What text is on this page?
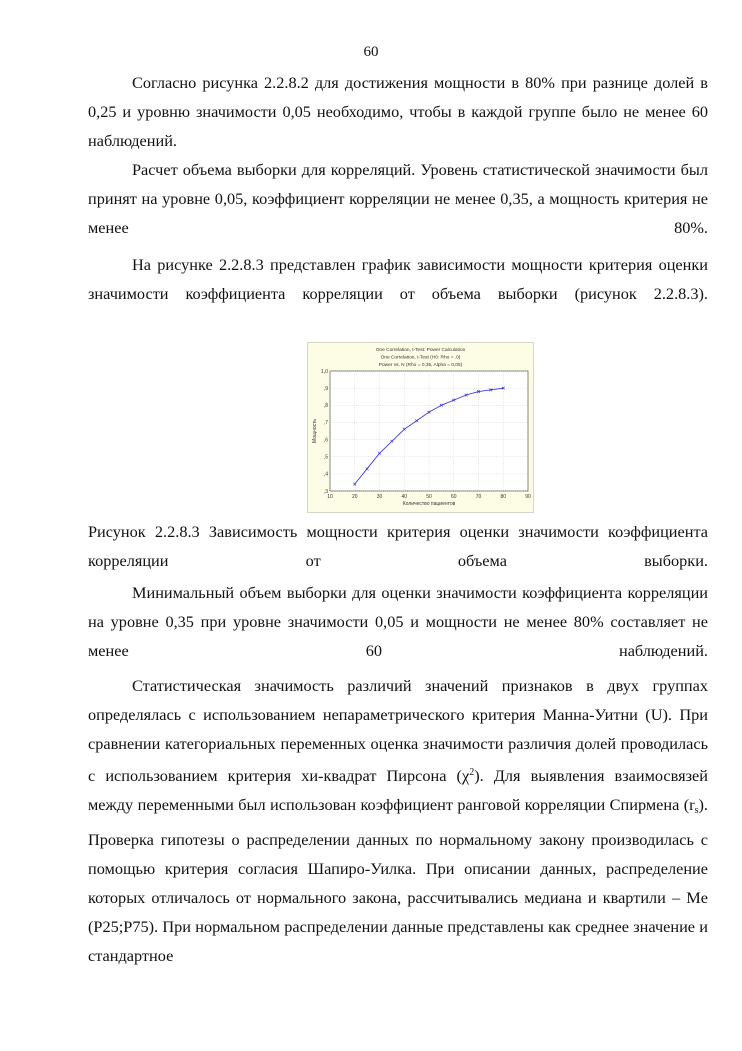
60

Согласно рисунка 2.2.8.2 для достижения мощности в 80% при разнице долей в 0,25 и уровню значимости 0,05 необходимо, чтобы в каждой группе было не менее 60 наблюдений.

Расчет объема выборки для корреляций. Уровень статистической значимости был принят на уровне 0,05, коэффициент корреляции не менее 0,35, а мощность критерия не менее 80%.

На рисунке 2.2.8.3 представлен график зависимости мощности критерия оценки значимости коэффициента корреляции от объема выборки (рисунок 2.2.8.3).

One Correlation, t-Test: Power Calculation
One Correlation, t-Test (H0: Rho = .0)
Power vs. N (Rho = 0,35, Alpha = 0,05)
10	20	30	40	50	60	70	80	90
,3
,4
,5
,6
,7
,8
,9
1,0
Количество пациентов
Мощность

Рисунок 2.2.8.3 Зависимость мощности критерия оценки значимости коэффициента корреляции от объема выборки.

Минимальный объем выборки для оценки значимости коэффициента корреляции на уровне 0,35 при уровне значимости 0,05 и мощности не менее 80% составляет не менее 60 наблюдений.

Статистическая значимость различий значений признаков в двух группах определялась с использованием непараметрического критерия Манна-Уитни (U). При сравнении категориальных переменных оценка значимости различия долей проводилась с использованием критерия хи-квадрат Пирсона $(\chi^2)$. Для выявления взаимосвязей между переменными был использован коэффициент ранговой корреляции Спирмена $(r_s)$. Проверка гипотезы о распределении данных по нормальному закону производилась с помощью критерия согласия Шапиро-Уилка. При описании данных, распределение которых отличалось от нормального закона, рассчитывались медиана и квартили – Me (P25;P75). При нормальном распределении данные представлены как среднее значение и стандартное
